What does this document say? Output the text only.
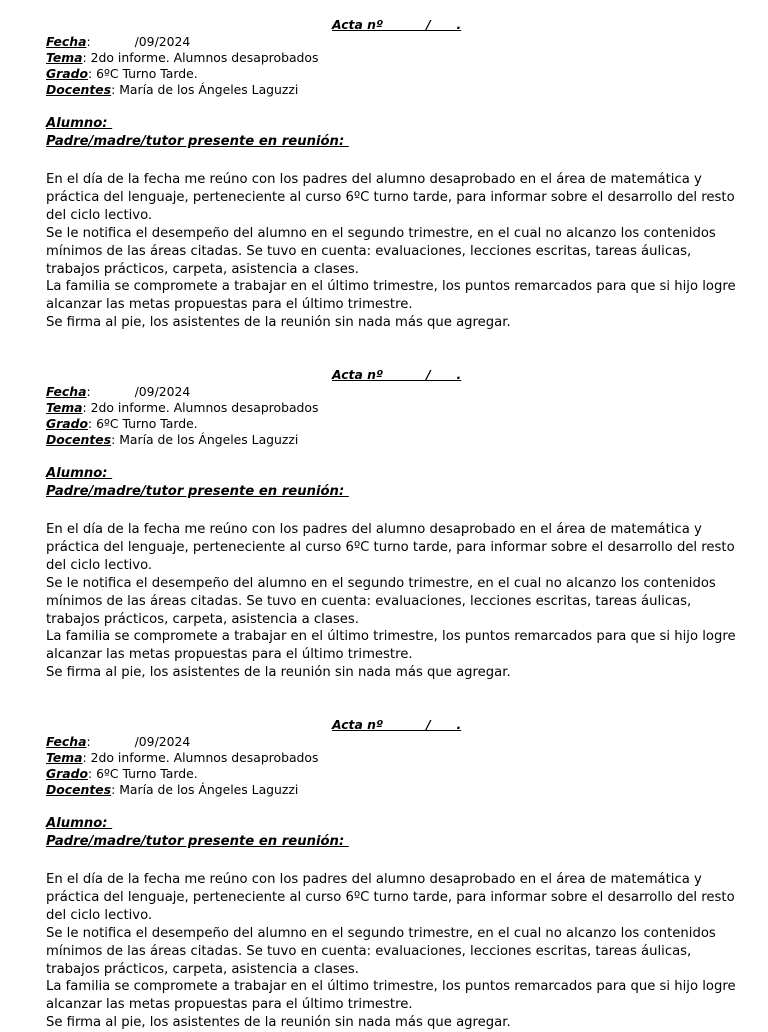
Acta nº          /      .
Fecha:	/09/2024
Tema: 2do informe. Alumnos desaprobados
Grado: 6ºC Turno Tarde.
Docentes: María de los Ángeles Laguzzi
Alumno:
Padre/madre/tutor presente en reunión:

En el día de la fecha me reúno con los padres del alumno desaprobado en el área de matemática y práctica del lenguaje, perteneciente al curso 6ºC turno tarde, para informar sobre el desarrollo del resto del ciclo lectivo.

Se le notifica el desempeño del alumno en el segundo trimestre, en el cual no alcanzo los contenidos mínimos de las áreas citadas. Se tuvo en cuenta: evaluaciones, lecciones escritas, tareas áulicas, trabajos prácticos, carpeta, asistencia a clases.

La familia se compromete a trabajar en el último trimestre, los puntos remarcados para que si hijo logre alcanzar las metas propuestas para el último trimestre.

Se firma al pie, los asistentes de la reunión sin nada más que agregar.

Acta nº          /      .
Fecha:	/09/2024
Tema: 2do informe. Alumnos desaprobados
Grado: 6ºC Turno Tarde.
Docentes: María de los Ángeles Laguzzi
Alumno:
Padre/madre/tutor presente en reunión:

En el día de la fecha me reúno con los padres del alumno desaprobado en el área de matemática y práctica del lenguaje, perteneciente al curso 6ºC turno tarde, para informar sobre el desarrollo del resto del ciclo lectivo.

Se le notifica el desempeño del alumno en el segundo trimestre, en el cual no alcanzo los contenidos mínimos de las áreas citadas. Se tuvo en cuenta: evaluaciones, lecciones escritas, tareas áulicas, trabajos prácticos, carpeta, asistencia a clases.

La familia se compromete a trabajar en el último trimestre, los puntos remarcados para que si hijo logre alcanzar las metas propuestas para el último trimestre.

Se firma al pie, los asistentes de la reunión sin nada más que agregar.

Acta nº          /      .
Fecha:	/09/2024
Tema: 2do informe. Alumnos desaprobados
Grado: 6ºC Turno Tarde.
Docentes: María de los Ángeles Laguzzi
Alumno:
Padre/madre/tutor presente en reunión:

En el día de la fecha me reúno con los padres del alumno desaprobado en el área de matemática y práctica del lenguaje, perteneciente al curso 6ºC turno tarde, para informar sobre el desarrollo del resto del ciclo lectivo.

Se le notifica el desempeño del alumno en el segundo trimestre, en el cual no alcanzo los contenidos mínimos de las áreas citadas. Se tuvo en cuenta: evaluaciones, lecciones escritas, tareas áulicas, trabajos prácticos, carpeta, asistencia a clases.

La familia se compromete a trabajar en el último trimestre, los puntos remarcados para que si hijo logre alcanzar las metas propuestas para el último trimestre.

Se firma al pie, los asistentes de la reunión sin nada más que agregar.
